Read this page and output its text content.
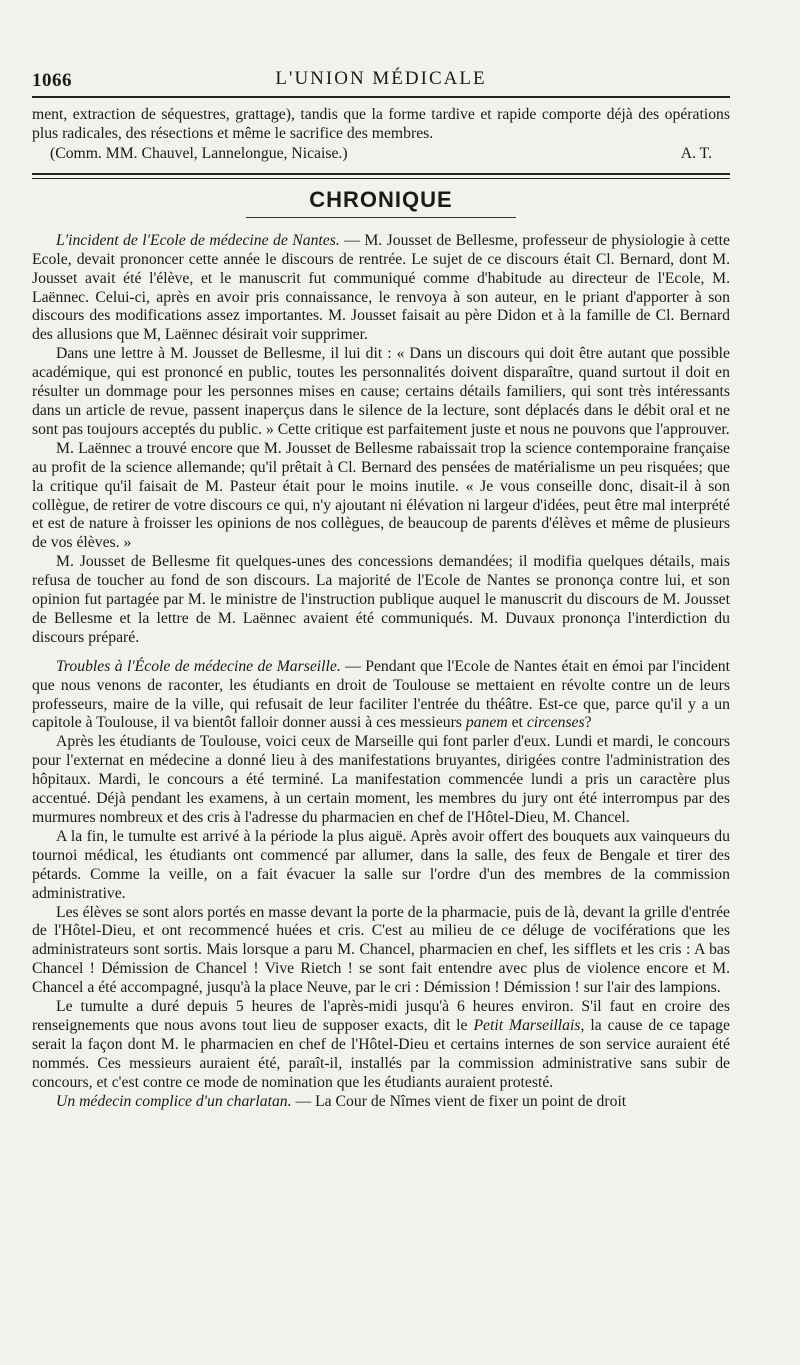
1066	L'UNION MÉDICALE

ment, extraction de séquestres, grattage), tandis que la forme tardive et rapide comporte déjà des opérations plus radicales, des résections et même le sacrifice des membres.

(Comm. MM. Chauvel, Lannelongue, Nicaise.)	A. T.
CHRONIQUE

L'incident de l'Ecole de médecine de Nantes. — M. Jousset de Bellesme, professeur de physiologie à cette Ecole, devait prononcer cette année le discours de rentrée. Le sujet de ce discours était Cl. Bernard, dont M. Jousset avait été l'élève, et le manuscrit fut communiqué comme d'habitude au directeur de l'Ecole, M. Laënnec. Celui-ci, après en avoir pris connaissance, le renvoya à son auteur, en le priant d'apporter à son discours des modifications assez importantes. M. Jousset faisait au père Didon et à la famille de Cl. Bernard des allusions que M, Laënnec désirait voir supprimer.

Dans une lettre à M. Jousset de Bellesme, il lui dit : « Dans un discours qui doit être autant que possible académique, qui est prononcé en public, toutes les personnalités doivent disparaître, quand surtout il doit en résulter un dommage pour les personnes mises en cause; certains détails familiers, qui sont très intéressants dans un article de revue, passent inaperçus dans le silence de la lecture, sont déplacés dans le débit oral et ne sont pas toujours acceptés du public. » Cette critique est parfaitement juste et nous ne pouvons que l'approuver.

M. Laënnec a trouvé encore que M. Jousset de Bellesme rabaissait trop la science contemporaine française au profit de la science allemande; qu'il prêtait à Cl. Bernard des pensées de matérialisme un peu risquées; que la critique qu'il faisait de M. Pasteur était pour le moins inutile. « Je vous conseille donc, disait-il à son collègue, de retirer de votre discours ce qui, n'y ajoutant ni élévation ni largeur d'idées, peut être mal interprété et est de nature à froisser les opinions de nos collègues, de beaucoup de parents d'élèves et même de plusieurs de vos élèves. »

M. Jousset de Bellesme fit quelques-unes des concessions demandées; il modifia quelques détails, mais refusa de toucher au fond de son discours. La majorité de l'Ecole de Nantes se prononça contre lui, et son opinion fut partagée par M. le ministre de l'instruction publique auquel le manuscrit du discours de M. Jousset de Bellesme et la lettre de M. Laënnec avaient été communiqués. M. Duvaux prononça l'interdiction du discours préparé.

Troubles à l'École de médecine de Marseille. — Pendant que l'Ecole de Nantes était en émoi par l'incident que nous venons de raconter, les étudiants en droit de Toulouse se mettaient en révolte contre un de leurs professeurs, maire de la ville, qui refusait de leur faciliter l'entrée du théâtre. Est-ce que, parce qu'il y a un capitole à Toulouse, il va bientôt falloir donner aussi à ces messieurs panem et circenses?

Après les étudiants de Toulouse, voici ceux de Marseille qui font parler d'eux. Lundi et mardi, le concours pour l'externat en médecine a donné lieu à des manifestations bruyantes, dirigées contre l'administration des hôpitaux. Mardi, le concours a été terminé. La manifestation commencée lundi a pris un caractère plus accentué. Déjà pendant les examens, à un certain moment, les membres du jury ont été interrompus par des murmures nombreux et des cris à l'adresse du pharmacien en chef de l'Hôtel-Dieu, M. Chancel.

A la fin, le tumulte est arrivé à la période la plus aiguë. Après avoir offert des bouquets aux vainqueurs du tournoi médical, les étudiants ont commencé par allumer, dans la salle, des feux de Bengale et tirer des pétards. Comme la veille, on a fait évacuer la salle sur l'ordre d'un des membres de la commission administrative.

Les élèves se sont alors portés en masse devant la porte de la pharmacie, puis de là, devant la grille d'entrée de l'Hôtel-Dieu, et ont recommencé huées et cris. C'est au milieu de ce déluge de vociférations que les administrateurs sont sortis. Mais lorsque a paru M. Chancel, pharmacien en chef, les sifflets et les cris : A bas Chancel ! Démission de Chancel ! Vive Rietch ! se sont fait entendre avec plus de violence encore et M. Chancel a été accompagné, jusqu'à la place Neuve, par le cri : Démission ! Démission ! sur l'air des lampions.

Le tumulte a duré depuis 5 heures de l'après-midi jusqu'à 6 heures environ. S'il faut en croire des renseignements que nous avons tout lieu de supposer exacts, dit le Petit Marseillais, la cause de ce tapage serait la façon dont M. le pharmacien en chef de l'Hôtel-Dieu et certains internes de son service auraient été nommés. Ces messieurs auraient été, paraît-il, installés par la commission administrative sans subir de concours, et c'est contre ce mode de nomination que les étudiants auraient protesté.

Un médecin complice d'un charlatan. — La Cour de Nîmes vient de fixer un point de droit
